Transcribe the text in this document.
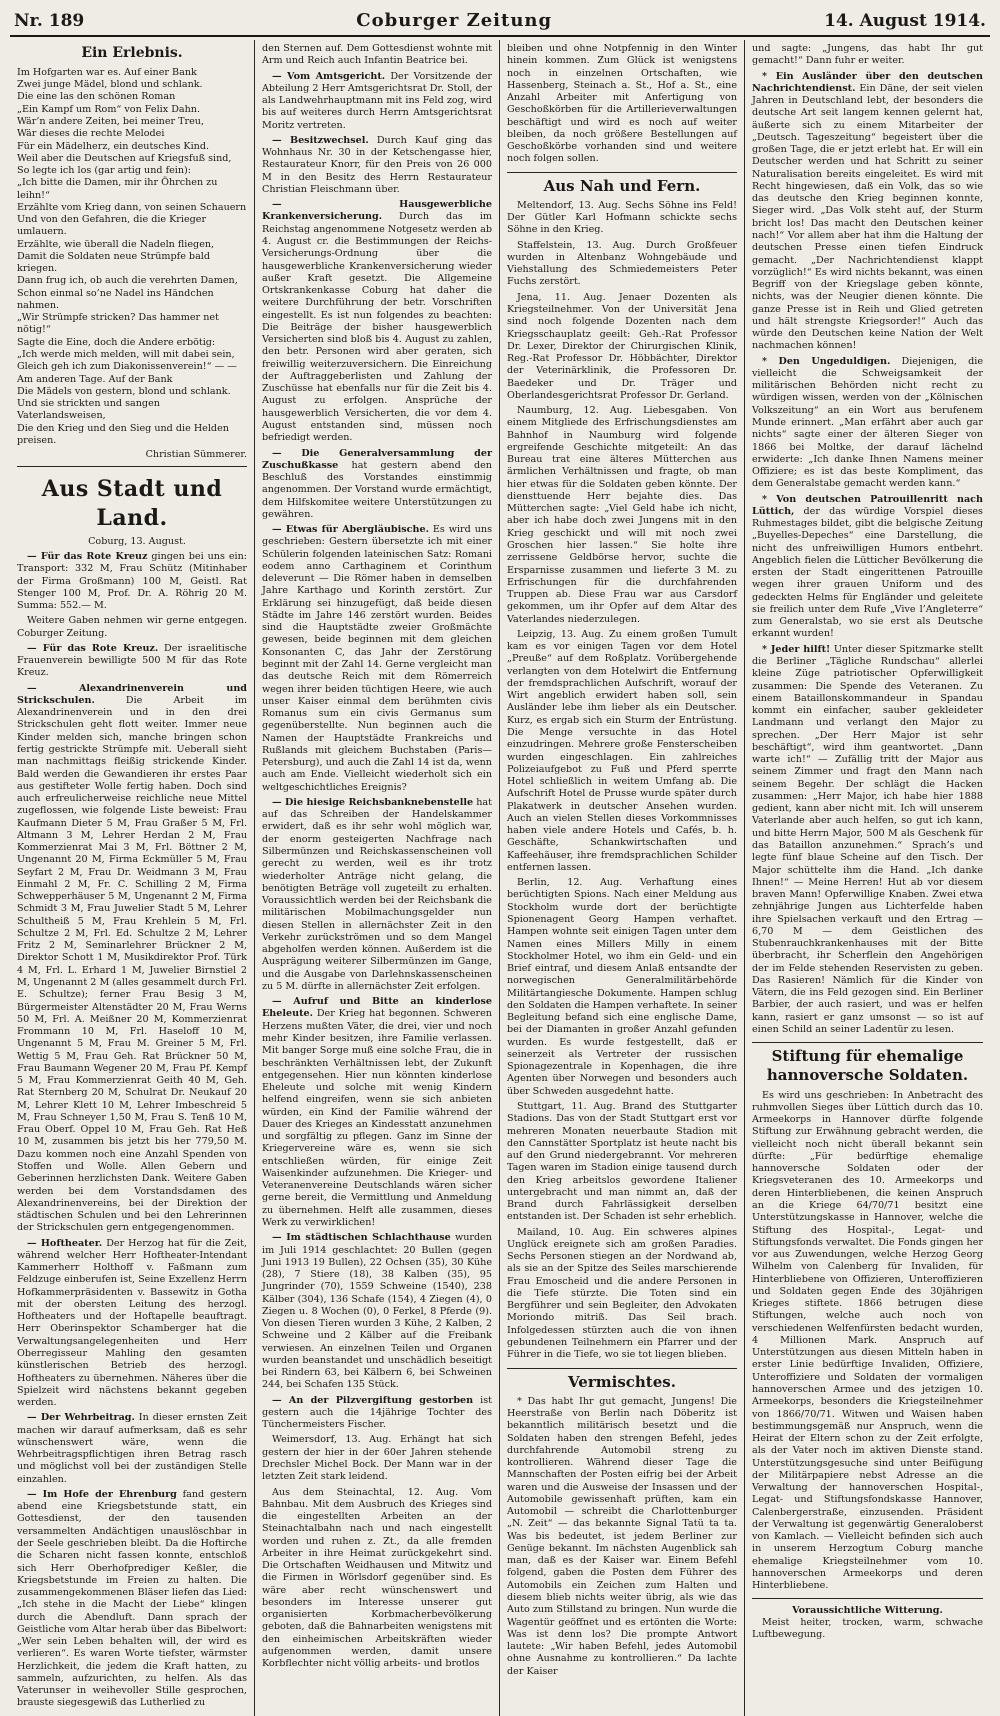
Nr. 189	Coburger Zeitung	14. August 1914.
Ein Erlebnis.

Im Hofgarten war es. Auf einer Bank

Zwei junge Mädel, blond und schlank.

Die eine las den schönen Roman

„Ein Kampf um Rom“ von Felix Dahn.

Wär’n andere Zeiten, bei meiner Treu,

Wär dieses die rechte Melodei

Für ein Mädelherz, ein deutsches Kind.

Weil aber die Deutschen auf Kriegsfuß sind,

So legte ich los (gar artig und fein):

„Ich bitte die Damen, mir ihr Öhrchen zu leihn!“

Erzählte vom Krieg dann, von seinen Schauern

Und von den Gefahren, die die Krieger umlauern.

Erzählte, wie überall die Nadeln fliegen,

Damit die Soldaten neue Strümpfe bald kriegen.

Dann frug ich, ob auch die verehrten Damen,

Schon einmal so’ne Nadel ins Händchen nahmen.

„Wir Strümpfe stricken? Das hammer net nötig!“

Sagte die Eine, doch die Andere erbötig:

„Ich werde mich melden, will mit dabei sein,

Gleich geh ich zum Diakonissenverein!“ — —

Am anderen Tage. Auf der Bank

Die Mädels von gestern, blond und schlank.

Und sie strickten und sangen Vaterlandsweisen,

Die den Krieg und den Sieg und die Helden preisen.

Christian Sümmerer.

Aus Stadt und Land.

Coburg, 13. August.

— Für das Rote Kreuz gingen bei uns ein: Transport: 332 M, Frau Schütz (Mitinhaber der Firma Großmann) 100 M, Geistl. Rat Stenger 100 M, Prof. Dr. A. Röhrig 20 M. Summa: 552.— M.

Weitere Gaben nehmen wir gerne entgegen. Coburger Zeitung.

— Für das Rote Kreuz. Der israelitische Frauenverein bewilligte 500 M für das Rote Kreuz.

— Alexandrinenverein und Strickschulen. Die Arbeit im Alexandrinenverein und in den drei Strickschulen geht flott weiter. Immer neue Kinder melden sich, manche bringen schon fertig gestrickte Strümpfe mit. Ueberall sieht man nachmittags fleißig strickende Kinder. Bald werden die Gewandieren ihr erstes Paar aus gestifteter Wolle fertig haben. Doch sind auch erfreulicherweise reichliche neue Mittel zugeflossen, wie folgende Liste beweist: Frau Kaufmann Dieter 5 M, Frau Graßer 5 M, Frl. Altmann 3 M, Lehrer Herdan 2 M, Frau Kommerzienrat Mai 3 M, Frl. Böttner 2 M, Ungenannt 20 M, Firma Eckmüller 5 M, Frau Seyfart 2 M, Frau Dr. Weidmann 3 M, Frau Einmahl 2 M, Fr. C. Schilling 2 M, Firma Schwepperhäuser 5 M, Ungenannt 2 M, Firma Schmidt 3 M, Frau Juwelier Stadt 5 M, Lehrer Schultheiß 5 M, Frau Krehlein 5 M, Frl. Schultze 2 M, Frl. Ed. Schultze 2 M, Lehrer Fritz 2 M, Seminarlehrer Brückner 2 M, Direktor Schott 1 M, Musikdirektor Prof. Türk 4 M, Frl. L. Erhard 1 M, Juwelier Birnstiel 2 M, Ungenannt 2 M (alles gesammelt durch Frl. E. Schultze); ferner Frau Besig 3 M, Bürgermeister Altenstädter 20 M, Frau Werns 50 M, Frl. A. Meißner 20 M, Kommerzienrat Frommann 10 M, Frl. Haseloff 10 M, Ungenannt 5 M, Frau M. Greiner 5 M, Frl. Wettig 5 M, Frau Geh. Rat Brückner 50 M, Frau Baumann Wegener 20 M, Frau Pf. Kempf 5 M, Frau Kommerzienrat Geith 40 M, Geh. Rat Sternberg 20 M, Schulrat Dr. Neukauf 20 M, Lehrer Klett 10 M, Lehrer Imbeschreid 5 M, Frau Schneyer 1,50 M, Frau S. Tenß 10 M, Frau Oberf. Oppel 10 M, Frau Geh. Rat Heß 10 M, zusammen bis jetzt bis her 779,50 M. Dazu kommen noch eine Anzahl Spenden von Stoffen und Wolle. Allen Gebern und Geberinnen herzlichsten Dank. Weitere Gaben werden bei dem Vorstandsdamen des Alexandrinenvereins, bei der Direktion der städtischen Schulen und bei den Lehrerinnen der Strickschulen gern entgegengenommen.

— Hoftheater. Der Herzog hat für die Zeit, während welcher Herr Hoftheater-Intendant Kammerherr Holthoff v. Faßmann zum Feldzuge einberufen ist, Seine Exzellenz Herrn Hofkammerpräsidenten v. Bassewitz in Gotha mit der obersten Leitung des herzogl. Hoftheaters und der Hoftapelle beauftragt. Herr Oberinspektor Schamberger hat die Verwaltungsangelegenheiten und Herr Oberregisseur Mahling den gesamten künstlerischen Betrieb des herzogl. Hoftheaters zu übernehmen. Näheres über die Spielzeit wird nächstens bekannt gegeben werden.

— Der Wehrbeitrag. In dieser ernsten Zeit machen wir darauf aufmerksam, daß es sehr wünschenswert wäre, wenn die Wehrbeitragspflichtigen ihren Betrag rasch und möglichst voll bei der zuständigen Stelle einzahlen.

— Im Hofe der Ehrenburg fand gestern abend eine Kriegsbetstunde statt, ein Gottesdienst, der den tausenden versammelten Andächtigen unauslöschbar in der Seele geschrieben bleibt. Da die Hoftirche die Scharen nicht fassen konnte, entschloß sich Herr Oberhofprediger Keßler, die Kriegsbetstunde im Freien zu halten. Die zusammengekommenen Bläser liefen das Lied: „Ich stehe in die Macht der Liebe“ klingen durch die Abendluft. Dann sprach der Geistliche vom Altar herab über das Bibelwort: „Wer sein Leben behalten will, der wird es verlieren“. Es waren Worte tiefster, wärmster Herzlichkeit, die jedem die Kraft hatten, zu sammeln, aufzurichten, zu helfen. Als das Vaterunser in weihevoller Stille gesprochen, brauste siegesgewiß das Lutherlied zu

den Sternen auf. Dem Gottesdienst wohnte mit Arm und Reich auch Infantin Beatrice bei.

— Vom Amtsgericht. Der Vorsitzende der Abteilung 2 Herr Amtsgerichtsrat Dr. Stoll, der als Landwehrhauptmann mit ins Feld zog, wird bis auf weiteres durch Herrn Amtsgerichtsrat Moritz vertreten.

— Besitzwechsel. Durch Kauf ging das Wohnhaus Nr. 30 in der Ketschengasse hier, Restaurateur Knorr, für den Preis von 26 000 M in den Besitz des Herrn Restaurateur Christian Fleischmann über.

— Hausgewerbliche Krankenversicherung. Durch das im Reichstag angenommene Notgesetz werden ab 4. August cr. die Bestimmungen der Reichs-Versicherungs-Ordnung über die hausgewerbliche Krankenversicherung wieder außer Kraft gesetzt. Die Allgemeine Ortskrankenkasse Coburg hat daher die weitere Durchführung der betr. Vorschriften eingestellt. Es ist nun folgendes zu beachten: Die Beiträge der bisher hausgewerblich Versicherten sind bloß bis 4. August zu zahlen, den betr. Personen wird aber geraten, sich freiwillig weiterzuversichern. Die Einreichung der Auftraggeberlisten und Zahlung der Zuschüsse hat ebenfalls nur für die Zeit bis 4. August zu erfolgen. Ansprüche der hausgewerblich Versicherten, die vor dem 4. August entstanden sind, müssen noch befriedigt werden.

— Die Generalversammlung der Zuschußkasse hat gestern abend den Beschluß des Vorstandes einstimmig angenommen. Der Vorstand wurde ermächtigt, dem Hilfskomitee weitere Unterstützungen zu gewähren.

— Etwas für Abergläubische. Es wird uns geschrieben: Gestern übersetzte ich mit einer Schülerin folgenden lateinischen Satz: Romani eodem anno Carthaginem et Corinthum deleverunt — Die Römer haben in demselben Jahre Karthago und Korinth zerstört. Zur Erklärung sei hinzugefügt, daß beide diesen Städte im Jahre 146 zerstört wurden. Beides sind die Hauptstädte zweier Großmächte gewesen, beide beginnen mit dem gleichen Konsonanten C, das Jahr der Zerstörung beginnt mit der Zahl 14. Gerne vergleicht man das deutsche Reich mit dem Römerreich wegen ihrer beiden tüchtigen Heere, wie auch unser Kaiser einmal dem berühmten civis Romanus sum ein civis Germanus sum gegenüberstellte. Nun beginnen auch die Namen der Hauptstädte Frankreichs und Rußlands mit gleichem Buchstaben (Paris—Petersburg), und auch die Zahl 14 ist da, wenn auch am Ende. Vielleicht wiederholt sich ein weltgeschichtliches Ereignis?

— Die hiesige Reichsbanknebenstelle hat auf das Schreiben der Handelskammer erwidert, daß es ihr sehr wohl möglich war, der enorm gesteigerten Nachfrage nach Silbermünzen und Reichskassenscheinen voll gerecht zu werden, weil es ihr trotz wiederholter Anträge nicht gelang, die benötigten Beträge voll zugeteilt zu erhalten. Voraussichtlich werden bei der Reichsbank die militärischen Mobilmachungsgelder nun diesen Stellen in allernächster Zeit in den Verkehr zurückströmen und so dem Mangel abgeholfen werden können. Außerdem ist die Ausprägung weiterer Silbermünzen im Gange, und die Ausgabe von Darlehnskassenscheinen zu 5 M. dürfte in allernächster Zeit erfolgen.

— Aufruf und Bitte an kinderlose Eheleute. Der Krieg hat begonnen. Schweren Herzens mußten Väter, die drei, vier und noch mehr Kinder besitzen, ihre Familie verlassen. Mit banger Sorge muß eine solche Frau, die in beschränkten Verhältnissen lebt, der Zukunft entgegensehen. Hier nun könnten kinderlose Eheleute und solche mit wenig Kindern helfend eingreifen, wenn sie sich anbieten würden, ein Kind der Familie während der Dauer des Krieges an Kindesstatt anzunehmen und sorgfältig zu pflegen. Ganz im Sinne der Kriegervereine wäre es, wenn sie sich entschließen würden, für einige Zeit Waisenkinder aufzunehmen. Die Krieger- und Veteranenvereine Deutschlands wären sicher gerne bereit, die Vermittlung und Anmeldung zu übernehmen. Helft alle zusammen, dieses Werk zu verwirklichen!

— Im städtischen Schlachthause wurden im Juli 1914 geschlachtet: 20 Bullen (gegen Juni 1913 19 Bullen), 22 Ochsen (35), 30 Kühe (28), 7 Stiere (18), 38 Kalben (35), 95 Jungrinder (70), 1559 Schweine (1540), 238 Kälber (304), 136 Schafe (154), 4 Ziegen (4), 0 Ziegen u. 8 Wochen (0), 0 Ferkel, 8 Pferde (9). Von diesen Tieren wurden 3 Kühe, 2 Kalben, 2 Schweine und 2 Kälber auf die Freibank verwiesen. An einzelnen Teilen und Organen wurden beanstandet und unschädlich beseitigt bei Rindern 63, bei Kälbern 6, bei Schweinen 244, bei Schafen 135 Stück.

— An der Pilzvergiftung gestorben ist gestern auch die 14jährige Tochter des Tünchermeisters Fischer.

Weimersdorf, 13. Aug. Erhängt hat sich gestern der hier in der 60er Jahren stehende Drechsler Michel Bock. Der Mann war in der letzten Zeit stark leidend.

Aus dem Steinachtal, 12. Aug. Vom Bahnbau. Mit dem Ausbruch des Krieges sind die eingestellten Arbeiten an der Steinachtalbahn nach und nach eingestellt worden und ruhen z. Zt., da alle fremden Arbeiter in ihre Heimat zurückgekehrt sind. Die Ortschaften Weidhausen und Mitwitz und die Firmen in Wörlsdorf gegenüber sind. Es wäre aber recht wünschenswert und besonders im Interesse unserer gut organisierten Korbmacherbevölkerung geboten, daß die Bahnarbeiten wenigstens mit den einheimischen Arbeitskräften wieder aufgenommen werden, damit unsere Korbflechter nicht völlig arbeits- und brotlos

bleiben und ohne Notpfennig in den Winter hinein kommen. Zum Glück ist wenigstens noch in einzelnen Ortschaften, wie Hassenberg, Steinach a. St., Hof a. St., eine Anzahl Arbeiter mit Anfertigung von Geschoßkörben für die Artillerieverwaltungen beschäftigt und wird es noch auf weiter bleiben, da noch größere Bestellungen auf Geschoßkörbe vorhanden sind und weitere noch folgen sollen.

Aus Nah und Fern.

Meltendorf, 13. Aug. Sechs Söhne ins Feld! Der Gütler Karl Hofmann schickte sechs Söhne in den Krieg.

Staffelstein, 13. Aug. Durch Großfeuer wurden in Altenbanz Wohngebäude und Viehstallung des Schmiedemeisters Peter Fuchs zerstört.

Jena, 11. Aug. Jenaer Dozenten als Kriegsteilnehmer. Von der Universität Jena sind noch folgende Dozenten nach dem Kriegsschauplatz geeilt: Geh.-Rat Professor Dr. Lexer, Direktor der Chirurgischen Klinik, Reg.-Rat Professor Dr. Höbbächter, Direktor der Veterinärklinik, die Professoren Dr. Baedeker und Dr. Träger und Oberlandesgerichtsrat Professor Dr. Gerland.

Naumburg, 12. Aug. Liebesgaben. Von einem Mitgliede des Erfrischungsdienstes am Bahnhof in Naumburg wird folgende ergreifende Geschichte mitgeteilt: An das Bureau trat eine älteres Mütterchen aus ärmlichen Verhältnissen und fragte, ob man hier etwas für die Soldaten geben könnte. Der diensttuende Herr bejahte dies. Das Mütterchen sagte: „Viel Geld habe ich nicht, aber ich habe doch zwei Jungens mit in den Krieg geschickt und will mit noch zwei Groschen hier lassen.“ Sie holte ihre zerrissene Geldbörse hervor, suchte die Ersparnisse zusammen und lieferte 3 M. zu Erfrischungen für die durchfahrenden Truppen ab. Diese Frau war aus Carsdorf gekommen, um ihr Opfer auf dem Altar des Vaterlandes niederzulegen.

Leipzig, 13. Aug. Zu einem großen Tumult kam es vor einigen Tagen vor dem Hotel „Preuße“ auf dem Roßplatz. Vorübergehende verlangten von dem Hotelwirt die Entfernung der fremdsprachlichen Aufschrift, worauf der Wirt angeblich erwidert haben soll, sein Ausländer lebe ihm lieber als ein Deutscher. Kurz, es ergab sich ein Sturm der Entrüstung. Die Menge versuchte in das Hotel einzudringen. Mehrere große Fensterscheiben wurden eingeschlagen. Ein zahlreiches Polizeiaufgebot zu Fuß und Pferd sperrte Hotel schließlich in weitem Umfang ab. Die Aufschrift Hotel de Prusse wurde später durch Plakatwerk in deutscher Ansehen wurden. Auch an vielen Stellen dieses Vorkommnisses haben viele andere Hotels und Cafés, b. h. Geschäfte, Schankwirtschaften und Kaffeehäuser, ihre fremdsprachlichen Schilder entfernen lassen.

Berlin, 12. Aug. Verhaftung eines berüchtigten Spions. Nach einer Meldung aus Stockholm wurde dort der berüchtigte Spionenagent Georg Hampen verhaftet. Hampen wohnte seit einigen Tagen unter dem Namen eines Millers Milly in einem Stockholmer Hotel, wo ihm ein Geld- und ein Brief eintraf, und diesem Anlaß entsandte der norwegischen Generalmilitärbehörde Militärtangiesche Dokumente. Hampen schlug den Soldaten die Hampen verhaftete. In seiner Begleitung befand sich eine englische Dame, bei der Diamanten in großer Anzahl gefunden wurden. Es wurde festgestellt, daß er seinerzeit als Vertreter der russischen Spionagezentrale in Kopenhagen, die ihre Agenten über Norwegen und besonders auch über Schweden ausgedehnt hatte.

Stuttgart, 11. Aug. Brand des Stuttgarter Stadions. Das von der Stadt Stuttgart erst vor mehreren Monaten neuerbaute Stadion mit den Cannstätter Sportplatz ist heute nacht bis auf den Grund niedergebrannt. Vor mehreren Tagen waren im Stadion einige tausend durch den Krieg arbeitslos gewordene Italiener untergebracht und man nimmt an, daß der Brand durch Fahrlässigkeit derselben entstanden ist. Der Schaden ist sehr erheblich.

Mailand, 10. Aug. Ein schweres alpines Unglück ereignete sich am großen Paradies. Sechs Personen stiegen an der Nordwand ab, als sie an der Spitze des Seiles marschierende Frau Emoscheid und die andere Personen in die Tiefe stürzte. Die Toten sind ein Bergführer und sein Begleiter, den Advokaten Moriondo mitriß. Das Seil brach. Infolgedessen stürzten auch die von ihnen gebundenen Teilnehmern ein Pfarrer und der Führer in die Tiefe, wo sie tot liegen blieben.

Vermischtes.

* Das habt Ihr gut gemacht, Jungens! Die Heerstraße von Berlin nach Döberitz ist bekanntlich militärisch besetzt und die Soldaten haben den strengen Befehl, jedes durchfahrende Automobil streng zu kontrollieren. Während dieser Tage die Mannschaften der Posten eifrig bei der Arbeit waren und die Ausweise der Insassen und der Automobile gewissenhaft prüften, kam ein Automobil — schreibt die Charlottenburger „N. Zeit“ — das bekannte Signal Tatü ta ta. Was bis bedeutet, ist jedem Berliner zur Genüge bekannt. Im nächsten Augenblick sah man, daß es der Kaiser war. Einem Befehl folgend, gaben die Posten dem Führer des Automobils ein Zeichen zum Halten und diesem blieb nichts weiter übrig, als wie das Auto zum Stillstand zu bringen. Nun wurde die Wagentür geöffnet und es ertönten die Worte: Was ist denn los? Die prompte Antwort lautete: „Wir haben Befehl, jedes Automobil ohne Ausnahme zu kontrollieren.“ Da lachte der Kaiser

und sagte: „Jungens, das habt Ihr gut gemacht!“ Dann fuhr er weiter.

* Ein Ausländer über den deutschen Nachrichtendienst. Ein Däne, der seit vielen Jahren in Deutschland lebt, der besonders die deutsche Art seit langem kennen gelernt hat, äußerte sich zu einem Mitarbeiter der „Deutsch. Tageszeitung“ begeistert über die großen Tage, die er jetzt erlebt hat. Er will ein Deutscher werden und hat Schritt zu seiner Naturalisation bereits eingeleitet. Es wird mit Recht hingewiesen, daß ein Volk, das so wie das deutsche den Krieg beginnen konnte, Sieger wird. „Das Volk steht auf, der Sturm bricht los! Das macht den Deutschen keiner nach!“ Vor allem aber hat ihm die Haltung der deutschen Presse einen tiefen Eindruck gemacht. „Der Nachrichtendienst klappt vorzüglich!“ Es wird nichts bekannt, was einen Begriff von der Kriegslage geben könnte, nichts, was der Neugier dienen könnte. Die ganze Presse ist in Reih und Glied getreten und hält strengste Kriegsorder!“ Auch das würde den Deutschen keine Nation der Welt nachmachen können!

* Den Ungeduldigen. Diejenigen, die vielleicht die Schweigsamkeit der militärischen Behörden nicht recht zu würdigen wissen, werden von der „Kölnischen Volkszeitung“ an ein Wort aus berufenem Munde erinnert. „Man erfährt aber auch gar nichts“ sagte einer der älteren Sieger von 1866 bei Moltke, der darauf lächelnd erwiderte: „Ich danke Ihnen Namens meiner Offiziere; es ist das beste Kompliment, das dem Generalstabe gemacht werden kann.“

* Von deutschen Patrouillenritt nach Lüttich, der das würdige Vorspiel dieses Ruhmestages bildet, gibt die belgische Zeitung „Buyelles-Depeches“ eine Darstellung, die nicht des unfreiwilligen Humors entbehrt. Angeblich fielen die Lütticher Bevölkerung die ersten der Stadt eingerittenen Patrouille wegen ihrer grauen Uniform und des gedeckten Helms für Engländer und geleitete sie freilich unter dem Rufe „Vive l’Angleterre“ zum Generalstab, wo sie erst als Deutsche erkannt wurden!

* Jeder hilft! Unter dieser Spitzmarke stellt die Berliner „Tägliche Rundschau“ allerlei kleine Züge patriotischer Opferwilligkeit zusammen: Die Spende des Veteranen. Zu einem Bataillonskommandeur in Spandau kommt ein einfacher, sauber gekleideter Landmann und verlangt den Major zu sprechen. „Der Herr Major ist sehr beschäftigt“, wird ihm geantwortet. „Dann warte ich!“ — Zufällig tritt der Major aus seinem Zimmer und fragt den Mann nach seinem Begehr. Der schlägt die Hacken zusammen: „Herr Major, ich habe hier 1888 gedient, kann aber nicht mit. Ich will unserem Vaterlande aber auch helfen, so gut ich kann, und bitte Herrn Major, 500 M als Geschenk für das Bataillon anzunehmen.“ Sprach’s und legte fünf blaue Scheine auf den Tisch. Der Major schüttelte ihm die Hand. „Ich danke Ihnen!“ — Meine Herren! Hut ab vor diesem braven Mann! Opferwillige Knaben. Zwei etwa zehnjährige Jungen aus Lichterfelde haben ihre Spielsachen verkauft und den Ertrag — 6,70 M — dem Geistlichen des Stubenrauchkrankenhauses mit der Bitte überbracht, ihr Scherflein den Angehörigen der im Felde stehenden Reservisten zu geben. Das Rasieren! Nämlich für die Kinder von Vätern, die ins Feld gezogen sind. Ein Berliner Barbier, der auch rasiert, und was er helfen kann, rasiert er ganz umsonst — so ist auf einen Schild an seiner Ladentür zu lesen.

Stiftung für ehemalige hannoversche Soldaten.

Es wird uns geschrieben: In Anbetracht des ruhmvollen Sieges über Lüttich durch das 10. Armeekorps in Hannover dürfte folgende Stiftung zur Erwähnung gebracht werden, die vielleicht noch nicht überall bekannt sein dürfte: „Für bedürftige ehemalige hannoversche Soldaten oder der Kriegsveteranen des 10. Armeekorps und deren Hinterbliebenen, die keinen Anspruch an die Kriege 64/70/71 besitzt eine Unterstützungskasse in Hannover, welche die Stiftung des Hospital-, Legat- und Stiftungsfonds verwaltet. Die Fonds gingen her vor aus Zuwendungen, welche Herzog Georg Wilhelm von Calenberg für Invaliden, für Hinterbliebene von Offizieren, Unteroffizieren und Soldaten gegen Ende des 30jährigen Krieges stiftete. 1866 betrugen diese Stiftungen, welche auch noch von verschiedenen Welfenfürsten bedacht wurden, 4 Millionen Mark. Anspruch auf Unterstützungen aus diesen Mitteln haben in erster Linie bedürftige Invaliden, Offiziere, Unteroffiziere und Soldaten der vormaligen hannoverschen Armee und des jetzigen 10. Armeekorps, besonders die Kriegsteilnehmer von 1866/70/71. Witwen und Waisen haben bestimmungsgemäß nur Anspruch, wenn die Heirat der Eltern schon zu der Zeit erfolgte, als der Vater noch im aktiven Dienste stand. Unterstützungsgesuche sind unter Beifügung der Militärpapiere nebst Adresse an die Verwaltung der hannoverschen Hospital-, Legat- und Stiftungsfondskasse Hannover, Calenbergerstraße, einzusenden. Präsident der Verwaltung ist gegenwärtig Generaloberst von Kamlach. — Vielleicht befinden sich auch in unserem Herzogtum Coburg manche ehemalige Kriegsteilnehmer vom 10. hannoverschen Armeekorps und deren Hinterbliebene.

Voraussichtliche Witterung.

Meist heiter, trocken, warm, schwache Luftbewegung.
